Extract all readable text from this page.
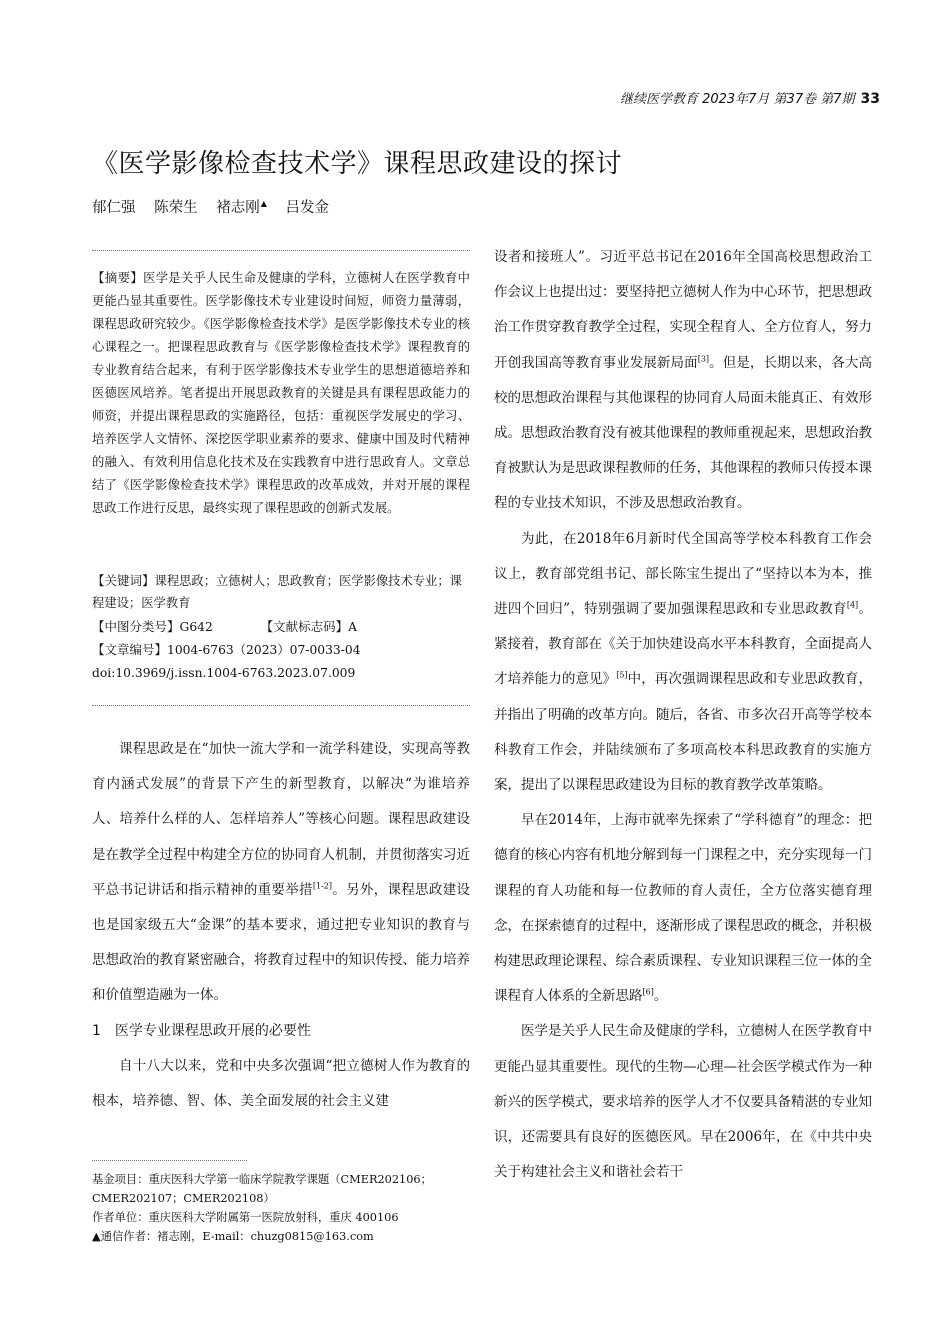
继续医学教育 2023年7月 第37卷 第7期 33
《医学影像检查技术学》课程思政建设的探讨
郁仁强 陈荣生 褚志刚▲ 吕发金
【摘要】医学是关乎人民生命及健康的学科，立德树人在医学教育中更能凸显其重要性。医学影像技术专业建设时间短，师资力量薄弱，课程思政研究较少。《医学影像检查技术学》是医学影像技术专业的核心课程之一。把课程思政教育与《医学影像检查技术学》课程教育的专业教育结合起来，有利于医学影像技术专业学生的思想道德培养和医德医风培养。笔者提出开展思政教育的关键是具有课程思政能力的师资，并提出课程思政的实施路径，包括：重视医学发展史的学习、培养医学人文情怀、深挖医学职业素养的要求、健康中国及时代精神的融入、有效利用信息化技术及在实践教育中进行思政育人。文章总结了《医学影像检查技术学》课程思政的改革成效，并对开展的课程思政工作进行反思，最终实现了课程思政的创新式发展。
【关键词】课程思政；立德树人；思政教育；医学影像技术专业；课程建设；医学教育
【中图分类号】G642	【文献标志码】A
【文章编号】1004-6763（2023）07-0033-04
doi:10.3969/j.issn.1004-6763.2023.07.009

课程思政是在“加快一流大学和一流学科建设，实现高等教育内涵式发展”的背景下产生的新型教育，以解决“为谁培养人、培养什么样的人、怎样培养人”等核心问题。课程思政建设是在教学全过程中构建全方位的协同育人机制，并贯彻落实习近平总书记讲话和指示精神的重要举措[1-2]。另外，课程思政建设也是国家级五大“金课”的基本要求，通过把专业知识的教育与思想政治的教育紧密融合，将教育过程中的知识传授、能力培养和价值塑造融为一体。

1　医学专业课程思政开展的必要性

自十八大以来，党和中央多次强调“把立德树人作为教育的根本，培养德、智、体、美全面发展的社会主义建

基金项目：重庆医科大学第一临床学院教学课题（CMER202106；CMER202107；CMER202108）
作者单位：重庆医科大学附属第一医院放射科，重庆 400106
▲通信作者：褚志刚，E-mail：chuzg0815@163.com

设者和接班人”。习近平总书记在2016年全国高校思想政治工作会议上也提出过：要坚持把立德树人作为中心环节，把思想政治工作贯穿教育教学全过程，实现全程育人、全方位育人，努力开创我国高等教育事业发展新局面[3]。但是，长期以来，各大高校的思想政治课程与其他课程的协同育人局面未能真正、有效形成。思想政治教育没有被其他课程的教师重视起来，思想政治教育被默认为是思政课程教师的任务，其他课程的教师只传授本课程的专业技术知识，不涉及思想政治教育。

为此，在2018年6月新时代全国高等学校本科教育工作会议上，教育部党组书记、部长陈宝生提出了“坚持以本为本，推进四个回归”，特别强调了要加强课程思政和专业思政教育[4]。紧接着，教育部在《关于加快建设高水平本科教育，全面提高人才培养能力的意见》[5]中，再次强调课程思政和专业思政教育，并指出了明确的改革方向。随后，各省、市多次召开高等学校本科教育工作会，并陆续颁布了多项高校本科思政教育的实施方案，提出了以课程思政建设为目标的教育教学改革策略。

早在2014年，上海市就率先探索了“学科德育”的理念：把德育的核心内容有机地分解到每一门课程之中，充分实现每一门课程的育人功能和每一位教师的育人责任，全方位落实德育理念，在探索德育的过程中，逐渐形成了课程思政的概念，并积极构建思政理论课程、综合素质课程、专业知识课程三位一体的全课程育人体系的全新思路[6]。

医学是关乎人民生命及健康的学科，立德树人在医学教育中更能凸显其重要性。现代的生物—心理—社会医学模式作为一种新兴的医学模式，要求培养的医学人才不仅要具备精湛的专业知识，还需要具有良好的医德医风。早在2006年，在《中共中央关于构建社会主义和谐社会若干
